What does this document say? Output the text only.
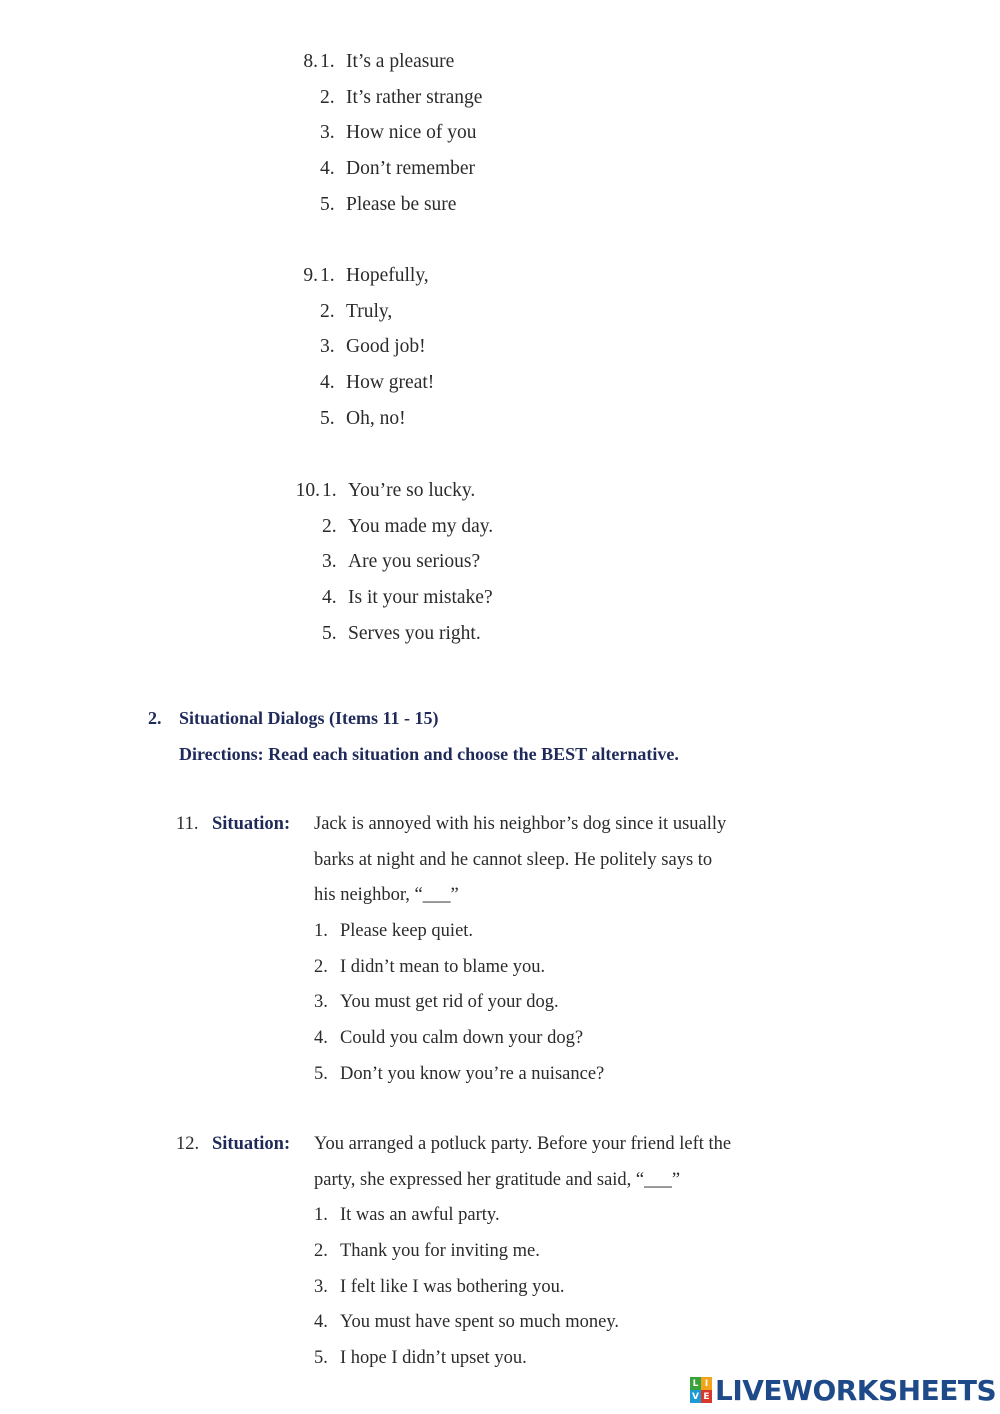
8. 1. It’s a pleasure
2. It’s rather strange
3. How nice of you
4. Don’t remember
5. Please be sure
9. 1. Hopefully,
2. Truly,
3. Good job!
4. How great!
5. Oh, no!
10. 1. You’re so lucky.
2. You made my day.
3. Are you serious?
4. Is it your mistake?
5. Serves you right.
2. Situational Dialogs (Items 11 - 15)
Directions: Read each situation and choose the BEST alternative.
11. Situation:	Jack is annoyed with his neighbor’s dog since it usually
barks at night and he cannot sleep. He politely says to
his neighbor, “___”
1. Please keep quiet.
2. I didn’t mean to blame you.
3. You must get rid of your dog.
4. Could you calm down your dog?
5. Don’t you know you’re a nuisance?
12. Situation:	You arranged a potluck party. Before your friend left the
party, she expressed her gratitude and said, “___”
1. It was an awful party.
2. Thank you for inviting me.
3. I felt like I was bothering you.
4. You must have spent so much money.
5. I hope I didn’t upset you.
L I
V E LIVEWORKSHEETS
